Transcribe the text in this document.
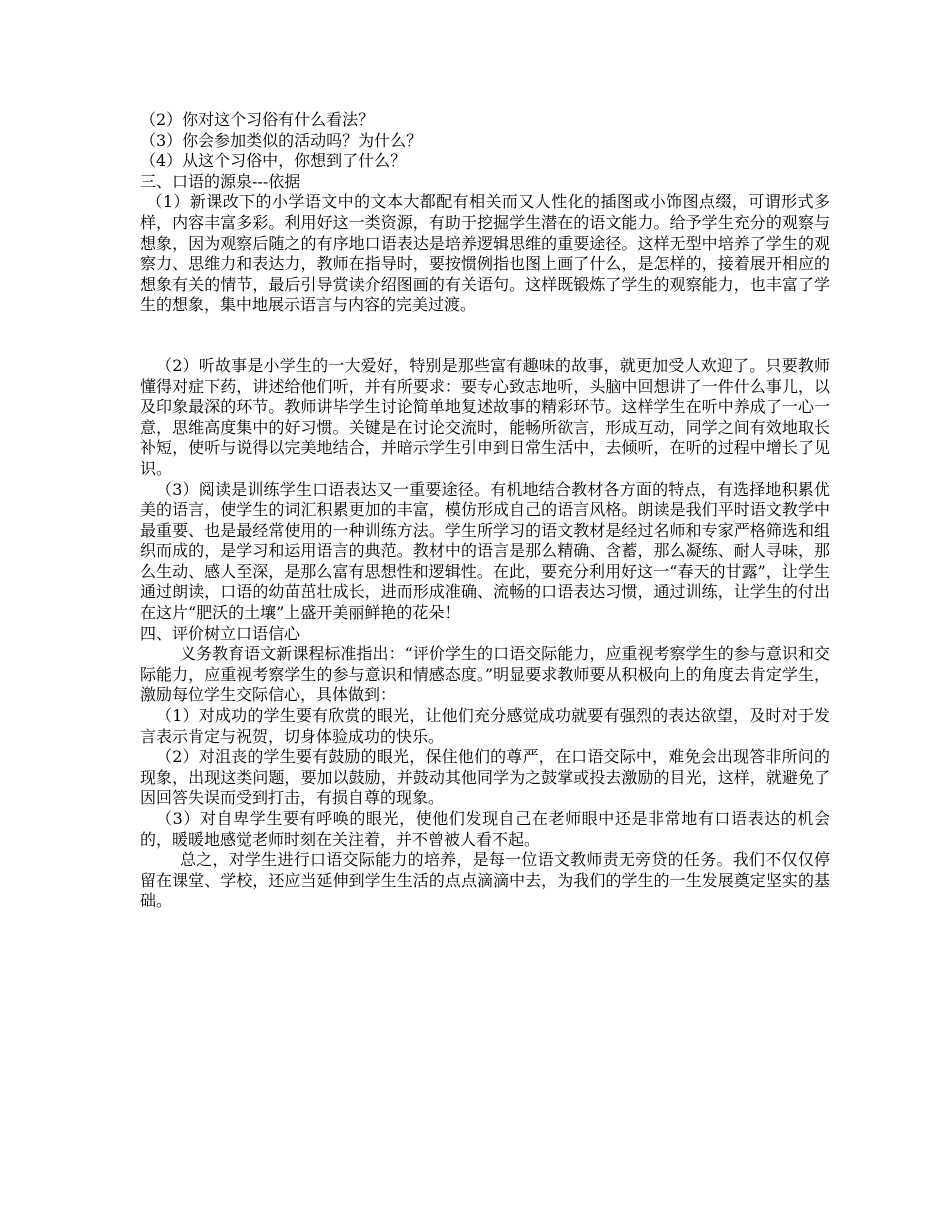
（2）你对这个习俗有什么看法？
（3）你会参加类似的活动吗？为什么？
（4）从这个习俗中，你想到了什么？
三、口语的源泉---依据

（1）新课改下的小学语文中的文本大都配有相关而又人性化的插图或小饰图点缀，可谓形式多样，内容丰富多彩。利用好这一类资源，有助于挖掘学生潜在的语文能力。给予学生充分的观察与想象，因为观察后随之的有序地口语表达是培养逻辑思维的重要途径。这样无型中培养了学生的观察力、思维力和表达力，教师在指导时，要按惯例指也图上画了什么，是怎样的，接着展开相应的想象有关的情节，最后引导赏读介绍图画的有关语句。这样既锻炼了学生的观察能力，也丰富了学生的想象，集中地展示语言与内容的完美过渡。

（2）听故事是小学生的一大爱好，特别是那些富有趣味的故事，就更加受人欢迎了。只要教师懂得对症下药，讲述给他们听，并有所要求：要专心致志地听，头脑中回想讲了一件什么事儿，以及印象最深的环节。教师讲毕学生讨论简单地复述故事的精彩环节。这样学生在听中养成了一心一意，思维高度集中的好习惯。关键是在讨论交流时，能畅所欲言，形成互动，同学之间有效地取长补短，使听与说得以完美地结合，并暗示学生引申到日常生活中，去倾听，在听的过程中增长了见识。

（3）阅读是训练学生口语表达又一重要途径。有机地结合教材各方面的特点，有选择地积累优美的语言，使学生的词汇积累更加的丰富，模仿形成自己的语言风格。朗读是我们平时语文教学中最重要、也是最经常使用的一种训练方法。学生所学习的语文教材是经过名师和专家严格筛选和组织而成的，是学习和运用语言的典范。教材中的语言是那么精确、含蓄，那么凝练、耐人寻味，那么生动、感人至深，是那么富有思想性和逻辑性。在此，要充分利用好这一“春天的甘露”，让学生通过朗读，口语的幼苗茁壮成长，进而形成准确、流畅的口语表达习惯，通过训练，让学生的付出在这片“肥沃的土壤”上盛开美丽鲜艳的花朵！

四、评价树立口语信心

义务教育语文新课程标准指出：“评价学生的口语交际能力，应重视考察学生的参与意识和交际能力，应重视考察学生的参与意识和情感态度。”明显要求教师要从积极向上的角度去肯定学生，激励每位学生交际信心，具体做到：

（1）对成功的学生要有欣赏的眼光，让他们充分感觉成功就要有强烈的表达欲望，及时对于发言表示肯定与祝贺，切身体验成功的快乐。

（2）对沮丧的学生要有鼓励的眼光，保住他们的尊严，在口语交际中，难免会出现答非所问的现象，出现这类问题，要加以鼓励，并鼓动其他同学为之鼓掌或投去激励的目光，这样，就避免了因回答失误而受到打击，有损自尊的现象。

（3）对自卑学生要有呼唤的眼光，使他们发现自己在老师眼中还是非常地有口语表达的机会的，暖暖地感觉老师时刻在关注着，并不曾被人看不起。

总之，对学生进行口语交际能力的培养，是每一位语文教师责无旁贷的任务。我们不仅仅停留在课堂、学校，还应当延伸到学生生活的点点滴滴中去，为我们的学生的一生发展奠定坚实的基础。
